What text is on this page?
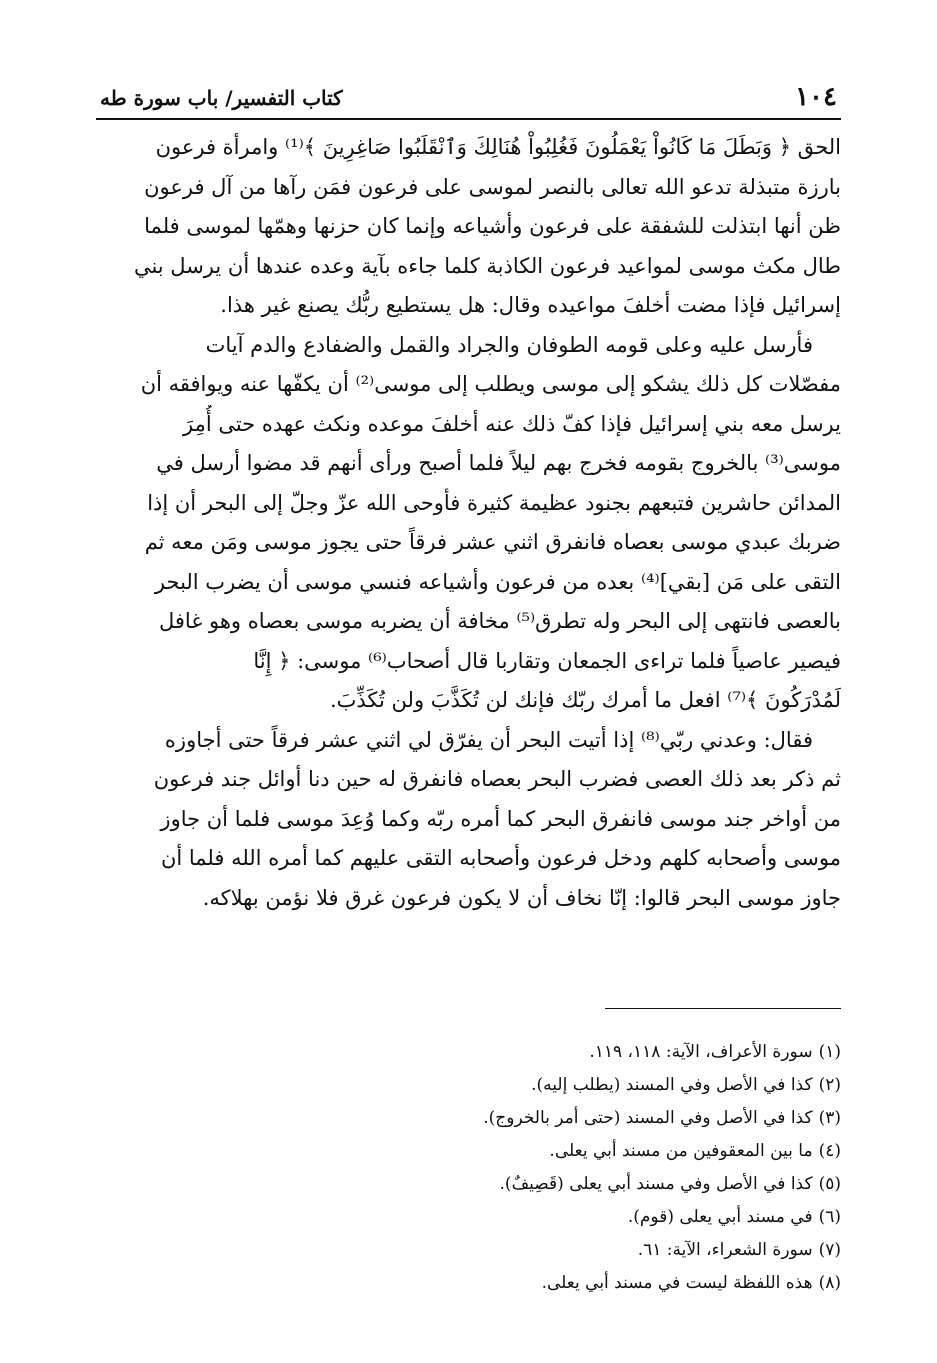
١٠٤
كتاب التفسير/ باب سورة طه
الحق ﴿ وَبَطَلَ مَا كَانُواْ يَعْمَلُونَ فَغُلِبُواْ هُنَالِكَ وَٱنْقَلَبُوا صَاغِرِينَ ﴾⁽¹⁾ وامرأة فرعون
بارزة متبذلة تدعو الله تعالى بالنصر لموسى على فرعون فمَن رآها من آل فرعون
ظن أنها ابتذلت للشفقة على فرعون وأشياعه وإنما كان حزنها وهمّها لموسى فلما
طال مكث موسى لمواعيد فرعون الكاذبة كلما جاءه بآية وعده عندها أن يرسل بني
إسرائيل فإذا مضت أخلفَ مواعيده وقال: هل يستطيع ربُّك يصنع غير هذا.
فأرسل عليه وعلى قومه الطوفان والجراد والقمل والضفادع والدم آيات
مفصّلات كل ذلك يشكو إلى موسى ويطلب إلى موسى⁽²⁾ أن يكفّها عنه ويوافقه أن
يرسل معه بني إسرائيل فإذا كفّ ذلك عنه أخلفَ موعده ونكث عهده حتى أُمِرَ
موسى⁽³⁾ بالخروج بقومه فخرج بهم ليلاً فلما أصبح ورأى أنهم قد مضوا أرسل في
المدائن حاشرين فتبعهم بجنود عظيمة كثيرة فأوحى الله عزّ وجلّ إلى البحر أن إذا
ضربك عبدي موسى بعصاه فانفرق اثني عشر فرقاً حتى يجوز موسى ومَن معه ثم
التقى على مَن [بقي]⁽⁴⁾ بعده من فرعون وأشياعه فنسي موسى أن يضرب البحر
بالعصى فانتهى إلى البحر وله تطرق⁽⁵⁾ مخافة أن يضربه موسى بعصاه وهو غافل
فيصير عاصياً فلما تراءى الجمعان وتقاربا قال أصحاب⁽⁶⁾ موسى: ﴿ إِنَّا
لَمُدْرَكُونَ ﴾⁽⁷⁾ افعل ما أمرك ربّك فإنك لن تُكَذَّبَ ولن تُكَذِّبَ.
فقال: وعدني ربّي⁽⁸⁾ إذا أتيت البحر أن يفرّق لي اثني عشر فرقاً حتى أجاوزه
ثم ذكر بعد ذلك العصى فضرب البحر بعصاه فانفرق له حين دنا أوائل جند فرعون
من أواخر جند موسى فانفرق البحر كما أمره ربّه وكما وُعِدَ موسى فلما أن جاوز
موسى وأصحابه كلهم ودخل فرعون وأصحابه التقى عليهم كما أمره الله فلما أن
جاوز موسى البحر قالوا: إنّا نخاف أن لا يكون فرعون غرق فلا نؤمن بهلاكه.
(١)سورة الأعراف، الآية: ١١٨، ١١٩.
(٢)كذا في الأصل وفي المسند (يطلب إليه).
(٣)كذا في الأصل وفي المسند (حتى أمر بالخروج).
(٤)ما بين المعقوفين من مسند أبي يعلى.
(٥)كذا في الأصل وفي مسند أبي يعلى (قَصِيفٌ).
(٦)في مسند أبي يعلى (قوم).
(٧)سورة الشعراء، الآية: ٦١.
(٨)هذه اللفظة ليست في مسند أبي يعلى.
